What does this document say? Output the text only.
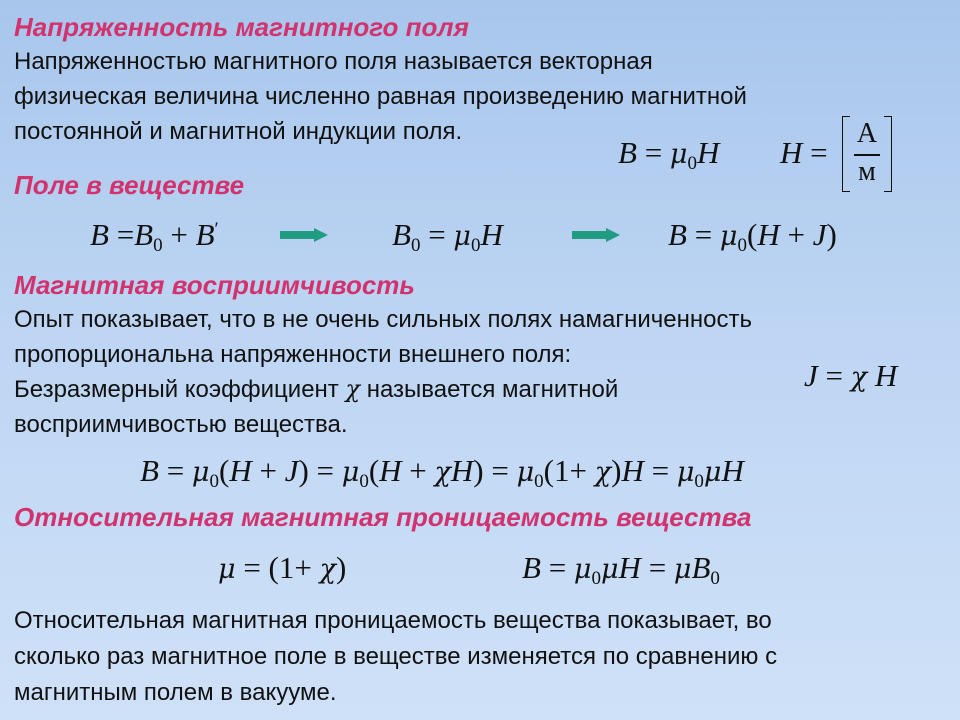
Напряженность магнитного поля
Напряженностью магнитного поля называется векторная
физическая величина численно равная произведению магнитной
постоянной и магнитной индукции поля.
$B = \mu_0H$ H =
А
м
Поле в веществе
$B =B_0 + B'$	$B_0 = \mu_0H$	$B = \mu_0(H + J)$
Магнитная восприимчивость
Опыт показывает, что в не очень сильных полях намагниченность
пропорциональна напряженности внешнего поля:
Безразмерный коэффициент χ называется магнитной
восприимчивостью вещества.
J = χ H
$B = \mu_0(H + J) = \mu_0(H + \chi H) = \mu_0(1+ \chi)H = \mu_0\mu H$
Относительная магнитная проницаемость вещества
μ = (1+ χ)	$B = \mu_0\mu H = \mu B_0$
Относительная магнитная проницаемость вещества показывает, во
сколько раз магнитное поле в веществе изменяется по сравнению с
магнитным полем в вакууме.
